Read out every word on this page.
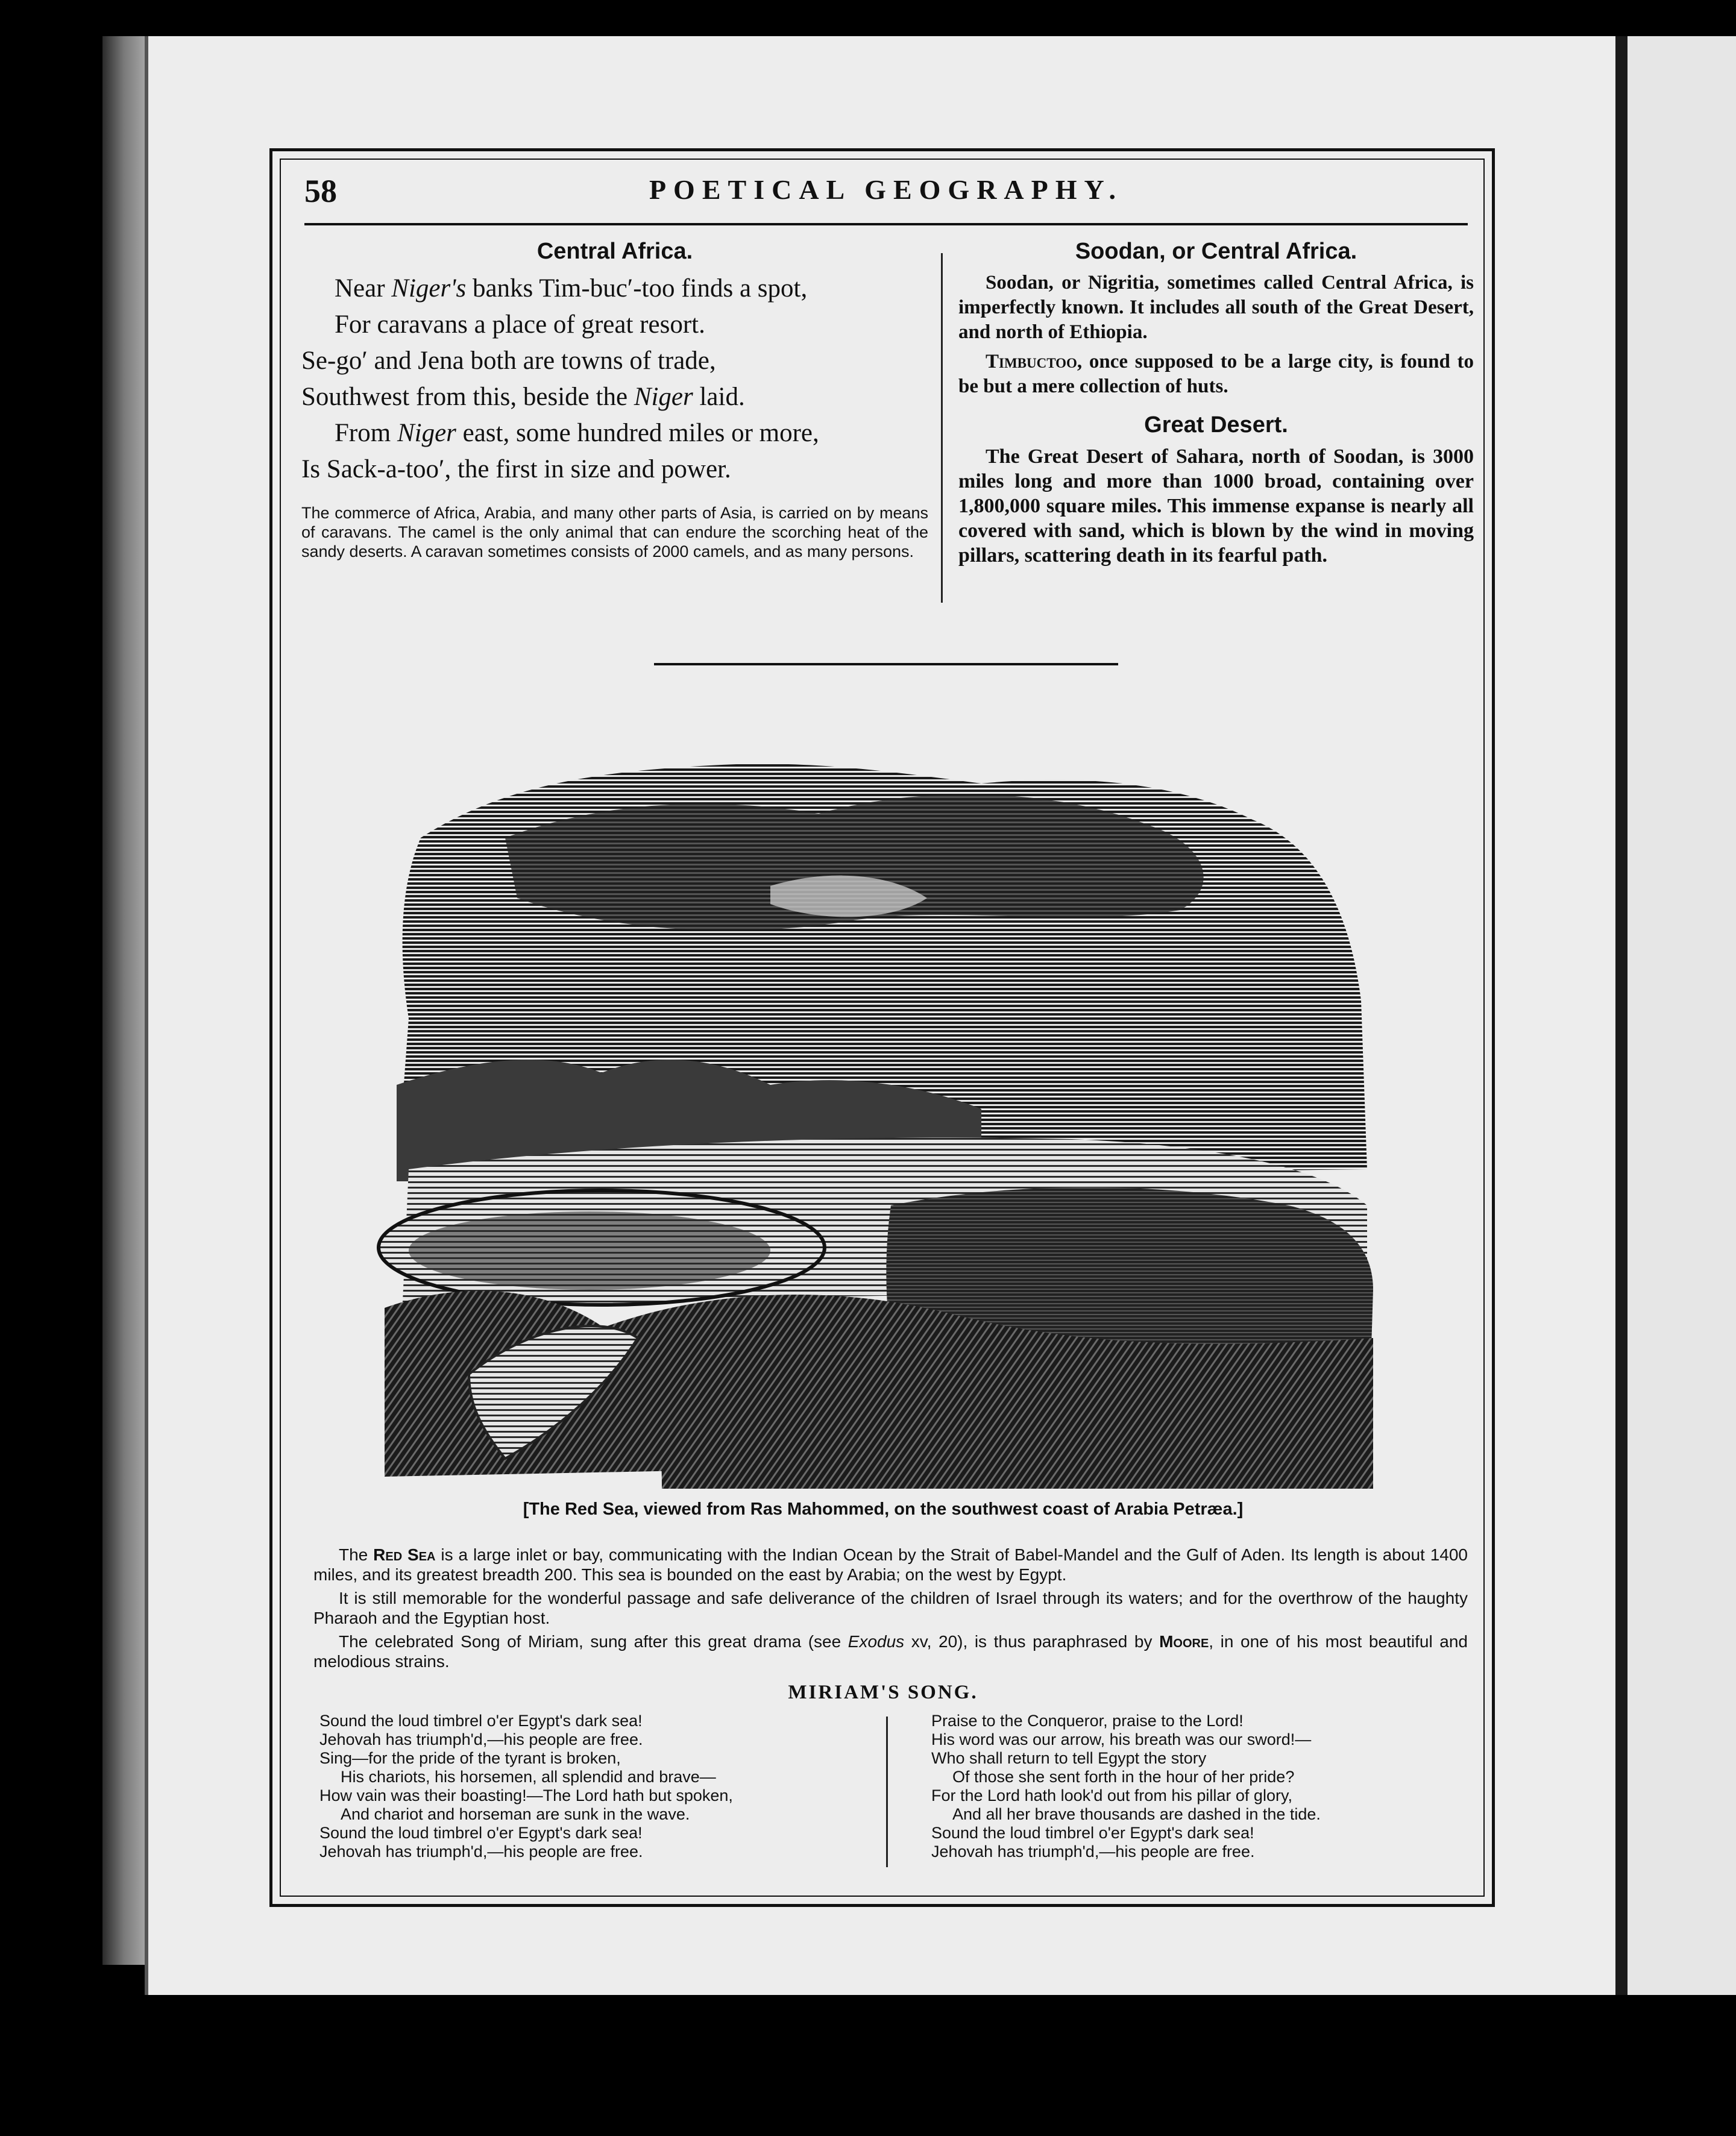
58	POETICAL GEOGRAPHY.
Central Africa.
Near Niger's banks Tim-buc′-too finds a spot,
For caravans a place of great resort.
Se-go′ and Jena both are towns of trade,
Southwest from this, beside the Niger laid.
From Niger east, some hundred miles or more,
Is Sack-a-too′, the first in size and power.
The commerce of Africa, Arabia, and many other parts of Asia, is carried on by means of caravans. The camel is the only animal that can endure the scorching heat of the sandy deserts. A caravan sometimes consists of 2000 camels, and as many persons.
Soodan, or Central Africa.

Soodan, or Nigritia, sometimes called Central Africa, is imperfectly known. It includes all south of the Great Desert, and north of Ethiopia.

Timbuctoo, once supposed to be a large city, is found to be but a mere collection of huts.

Great Desert.

The Great Desert of Sahara, north of Soodan, is 3000 miles long and more than 1000 broad, containing over 1,800,000 square miles. This immense expanse is nearly all covered with sand, which is blown by the wind in moving pillars, scattering death in its fearful path.

[The Red Sea, viewed from Ras Mahommed, on the southwest coast of Arabia Petræa.]

The Red Sea is a large inlet or bay, communicating with the Indian Ocean by the Strait of Babel-Mandel and the Gulf of Aden. Its length is about 1400 miles, and its greatest breadth 200. This sea is bounded on the east by Arabia; on the west by Egypt.

It is still memorable for the wonderful passage and safe deliverance of the children of Israel through its waters; and for the overthrow of the haughty Pharaoh and the Egyptian host.

The celebrated Song of Miriam, sung after this great drama (see Exodus xv, 20), is thus paraphrased by Moore, in one of his most beautiful and melodious strains.

MIRIAM'S SONG.
Sound the loud timbrel o'er Egypt's dark sea!
Jehovah has triumph'd,—his people are free.
Sing—for the pride of the tyrant is broken,
His chariots, his horsemen, all splendid and brave—
How vain was their boasting!—The Lord hath but spoken,
And chariot and horseman are sunk in the wave.
Sound the loud timbrel o'er Egypt's dark sea!
Jehovah has triumph'd,—his people are free.
Praise to the Conqueror, praise to the Lord!
His word was our arrow, his breath was our sword!—
Who shall return to tell Egypt the story
Of those she sent forth in the hour of her pride?
For the Lord hath look'd out from his pillar of glory,
And all her brave thousands are dashed in the tide.
Sound the loud timbrel o'er Egypt's dark sea!
Jehovah has triumph'd,—his people are free.
